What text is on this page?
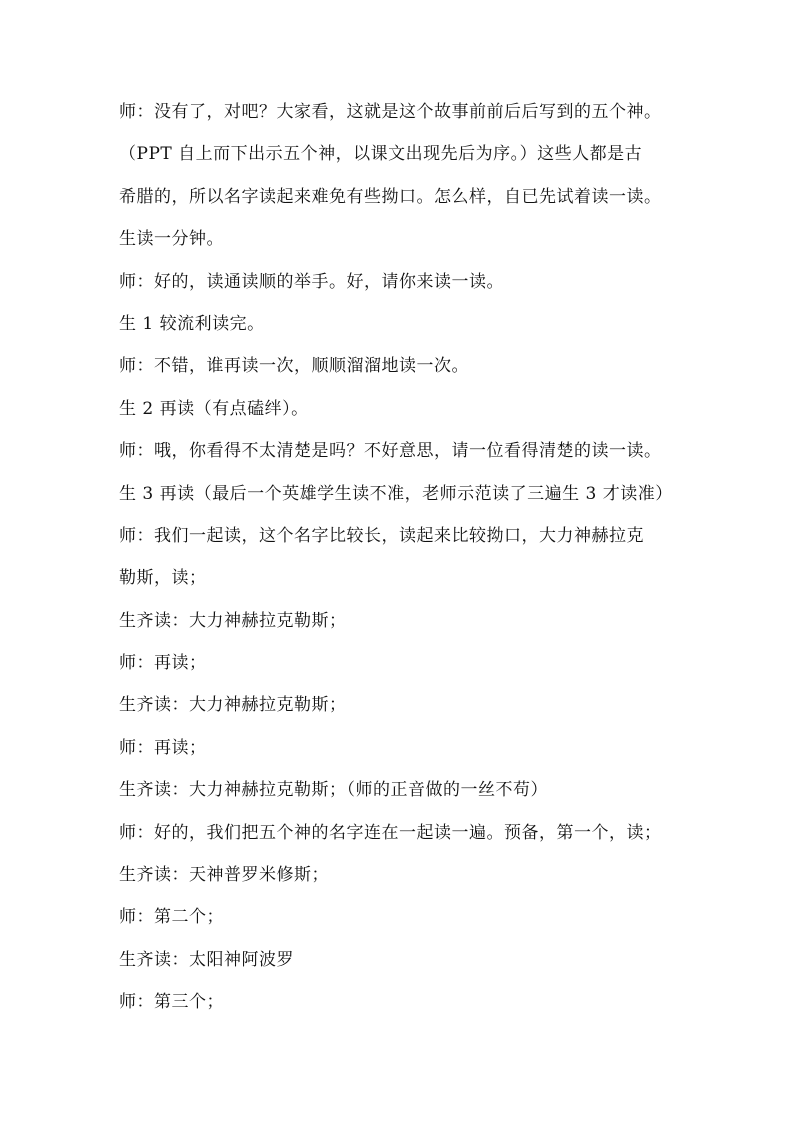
师：没有了，对吧？大家看，这就是这个故事前前后后写到的五个神。
（PPT 自上而下出示五个神，以课文出现先后为序。）这些人都是古
希腊的，所以名字读起来难免有些拗口。怎么样，自已先试着读一读。
生读一分钟。
师：好的，读通读顺的举手。好，请你来读一读。
生 1 较流利读完。
师：不错，谁再读一次，顺顺溜溜地读一次。
生 2 再读（有点磕绊）。
师：哦，你看得不太清楚是吗？不好意思，请一位看得清楚的读一读。
生 3 再读（最后一个英雄学生读不准，老师示范读了三遍生 3 才读准）
师：我们一起读，这个名字比较长，读起来比较拗口，大力神赫拉克
勒斯，读；
生齐读：大力神赫拉克勒斯；
师：再读；
生齐读：大力神赫拉克勒斯；
师：再读；
生齐读：大力神赫拉克勒斯；（师的正音做的一丝不苟）
师：好的，我们把五个神的名字连在一起读一遍。预备，第一个，读；
生齐读：天神普罗米修斯；
师：第二个；
生齐读：太阳神阿波罗
师：第三个；
